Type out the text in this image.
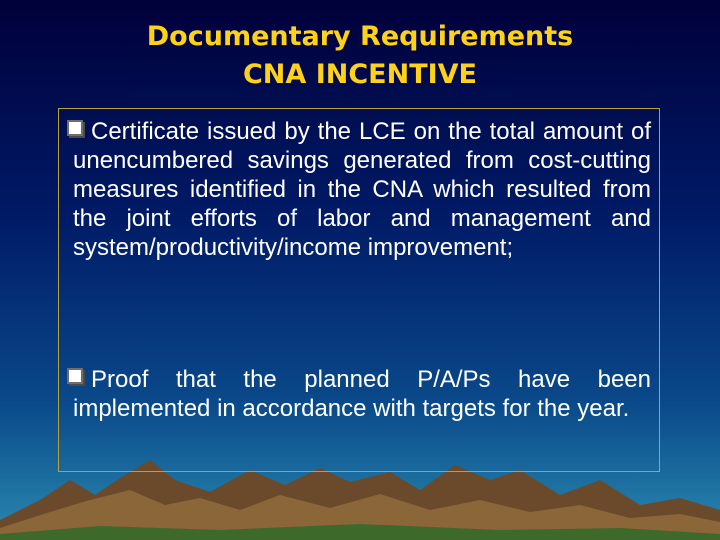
Documentary Requirements
CNA INCENTIVE
Certificate issued by the LCE on the total amount of unencumbered savings generated from cost-cutting measures identified in the CNA which resulted from the joint efforts of labor and management and system/productivity/income improvement;
Proof that the planned P/A/Ps have been implemented in accordance with targets for the year.
